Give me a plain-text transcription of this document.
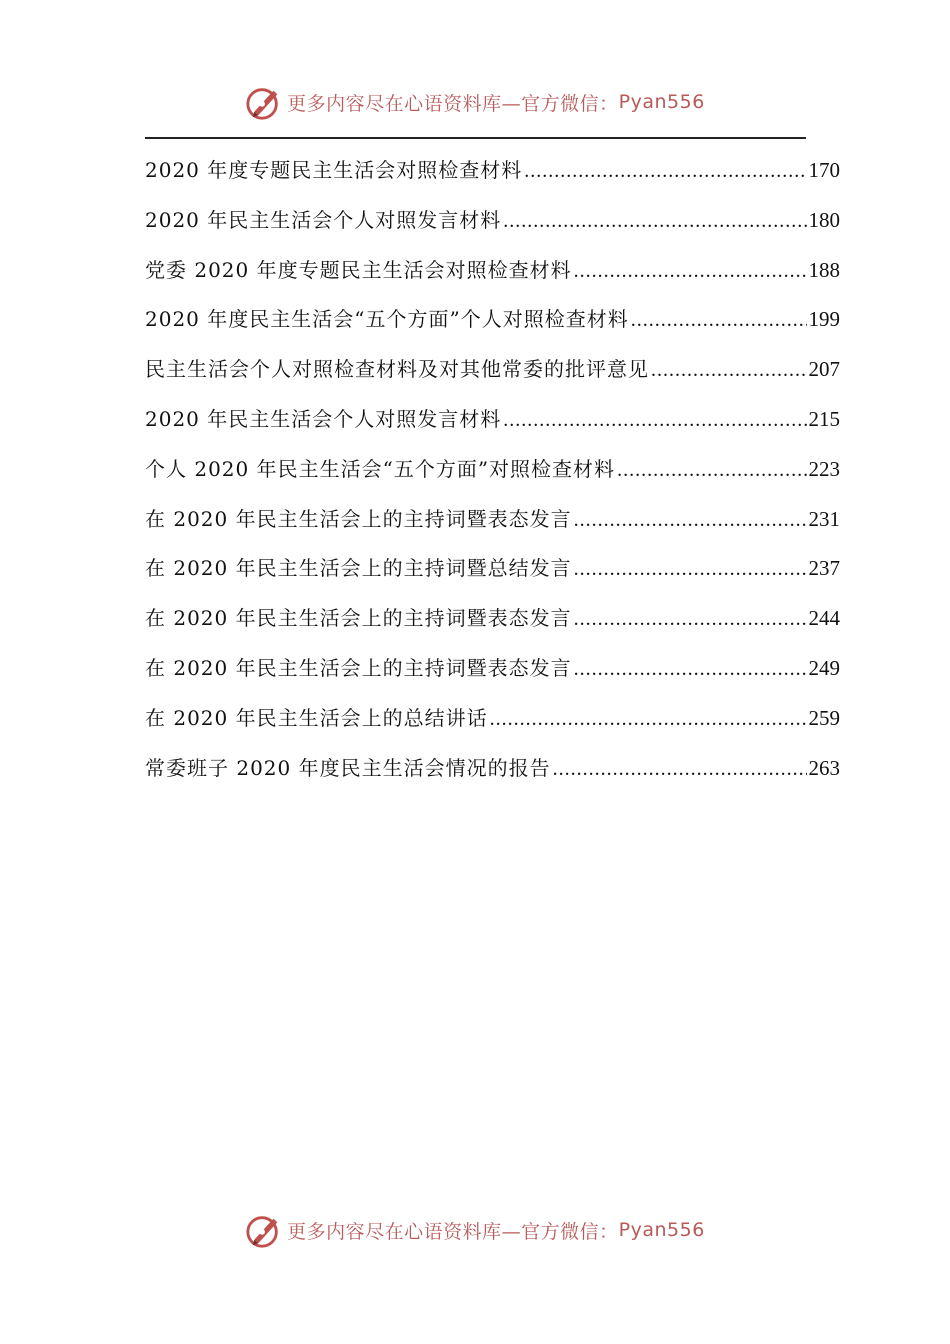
更多内容尽在心语资料库—官方微信： Pyan556
2020 年度专题民主生活会对照检查材料 .....	170
2020 年民主生活会个人对照发言材料 .....	180
党委 2020 年度专题民主生活会对照检查材料 .....	188
2020 年度民主生活会“五个方面”个人对照检查材料 .....	199
民主生活会个人对照检查材料及对其他常委的批评意见 .....	207
2020 年民主生活会个人对照发言材料 .....	215
个人 2020 年民主生活会“五个方面”对照检查材料 .....	223
在 2020 年民主生活会上的主持词暨表态发言 .....	231
在 2020 年民主生活会上的主持词暨总结发言 .....	237
在 2020 年民主生活会上的主持词暨表态发言 .....	244
在 2020 年民主生活会上的主持词暨表态发言 .....	249
在 2020 年民主生活会上的总结讲话 .....	259
常委班子 2020 年度民主生活会情况的报告 .....	263
更多内容尽在心语资料库—官方微信： Pyan556
